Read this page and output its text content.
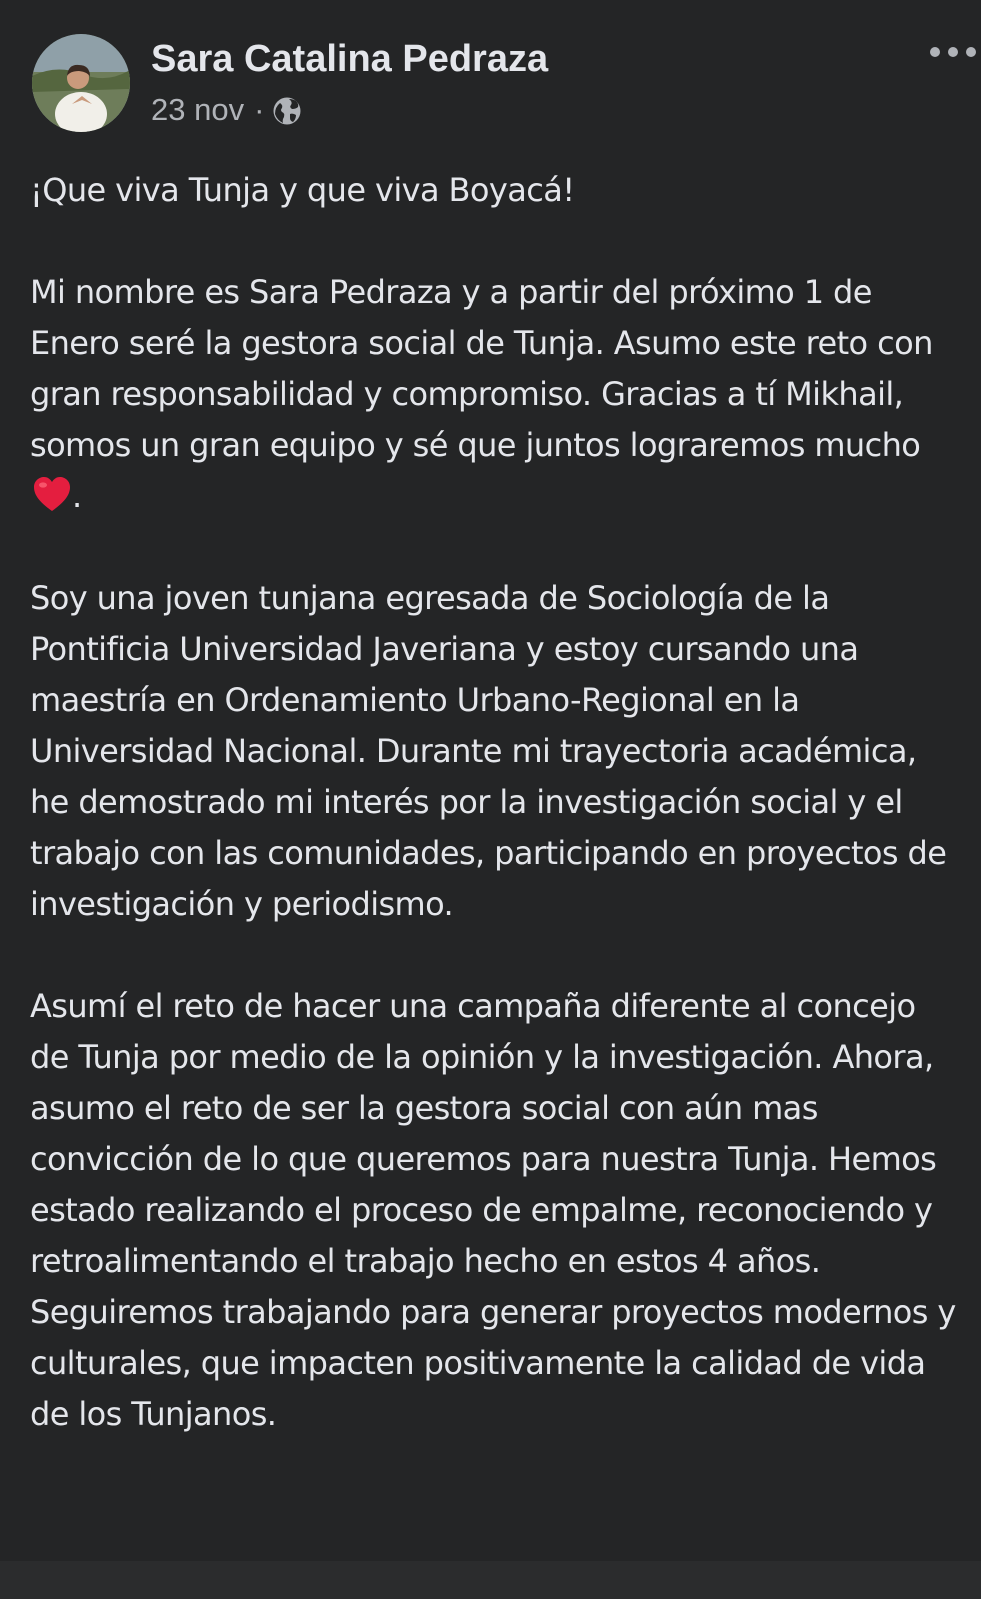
Sara Catalina Pedraza
23 nov ·

¡Que viva Tunja y que viva Boyacá!

Mi nombre es Sara Pedraza y a partir del próximo 1 de Enero seré la gestora social de Tunja. Asumo este reto con gran responsabilidad y compromiso. Gracias a tí Mikhail, somos un gran equipo y sé que juntos lograremos mucho.

Soy una joven tunjana egresada de Sociología de la Pontificia Universidad Javeriana y estoy cursando una maestría en Ordenamiento Urbano-Regional en la Universidad Nacional. Durante mi trayectoria académica, he demostrado mi interés por la investigación social y el trabajo con las comunidades, participando en proyectos de investigación y periodismo.

Asumí el reto de hacer una campaña diferente al concejo de Tunja por medio de la opinión y la investigación. Ahora, asumo el reto de ser la gestora social con aún mas convicción de lo que queremos para nuestra Tunja. Hemos estado realizando el proceso de empalme, reconociendo y retroalimentando el trabajo hecho en estos 4 años. Seguiremos trabajando para generar proyectos modernos y culturales, que impacten positivamente la calidad de vida de los Tunjanos.
